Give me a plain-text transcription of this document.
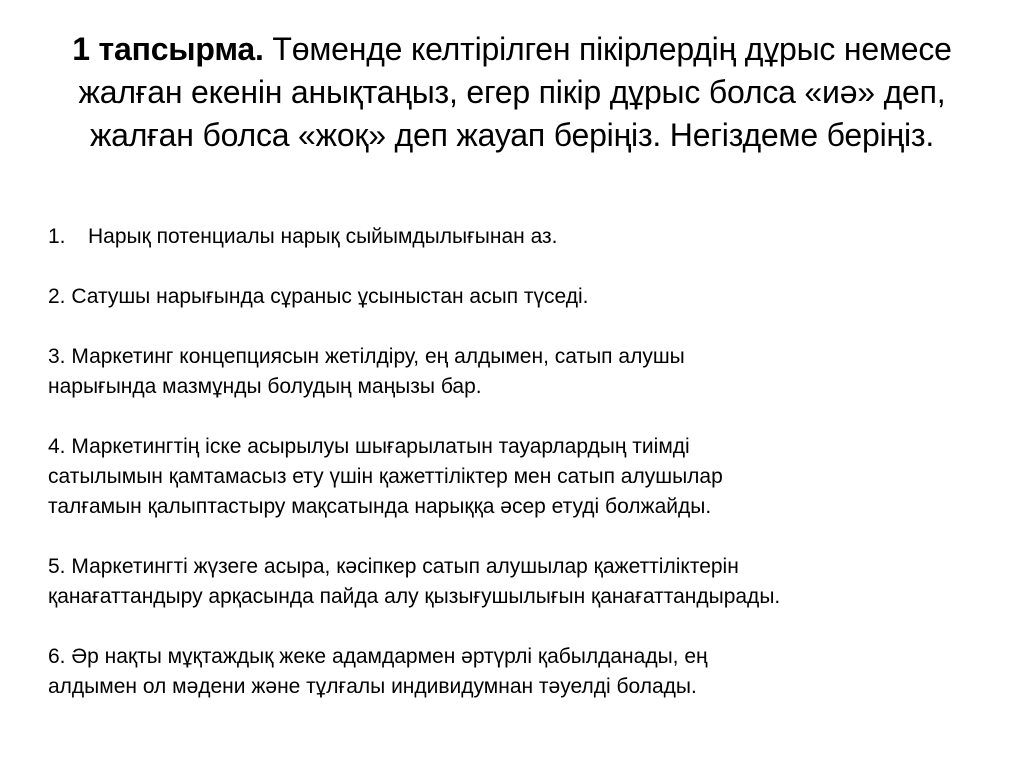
1 тапсырма. Төменде келтірілген пікірлердің дұрыс немесе жалған екенін анықтаңыз, егер пікір дұрыс болса «иә» деп, жалған болса «жоқ» деп жауап беріңіз. Негіздеме беріңіз.
1.	Нарық потенциалы нарық сыйымдылығынан аз.
2. Сатушы нарығында сұраныс ұсыныстан асып түседі.
3. Маркетинг концепциясын жетілдіру, ең алдымен, сатып алушы
нарығында мазмұнды болудың маңызы бар.
4. Маркетингтің іске асырылуы шығарылатын тауарлардың тиімді
сатылымын қамтамасыз ету үшін қажеттіліктер мен сатып алушылар
талғамын қалыптастыру мақсатында нарыққа әсер етуді болжайды.
5. Маркетингті жүзеге асыра, кәсіпкер сатып алушылар қажеттіліктерін
қанағаттандыру арқасында пайда алу қызығушылығын қанағаттандырады.
6. Әр нақты мұқтаждық жеке адамдармен әртүрлі қабылданады, ең
алдымен ол мәдени және тұлғалы индивидумнан тәуелді болады.
